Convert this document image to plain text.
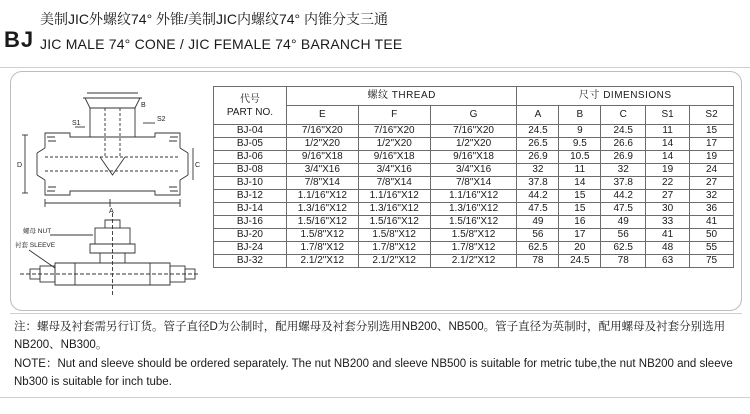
BJ
美制JIC外螺纹74° 外锥/美制JIC内螺纹74° 内锥分支三通
JIC MALE 74° CONE / JIC FEMALE 74° BARANCH TEE
D
A
C
S1
S2
B
螺母 NUT
衬套 SLEEVE
代号
PART NO.	螺纹 THREAD			尺寸 DIMENSIONS				
	E	F	G	A	B	C	S1	S2
BJ-04	7/16"X20	7/16"X20	7/16"X20	24.5	9	24.5	11	15
BJ-05	1/2"X20	1/2"X20	1/2"X20	26.5	9.5	26.6	14	17
BJ-06	9/16"X18	9/16"X18	9/16"X18	26.9	10.5	26.9	14	19
BJ-08	3/4"X16	3/4"X16	3/4"X16	32	11	32	19	24
BJ-10	7/8"X14	7/8"X14	7/8"X14	37.8	14	37.8	22	27
BJ-12	1.1/16"X12	1.1/16"X12	1.1/16"X12	44.2	15	44.2	27	32
BJ-14	1.3/16"X12	1.3/16"X12	1.3/16"X12	47.5	15	47.5	30	36
BJ-16	1.5/16"X12	1.5/16"X12	1.5/16"X12	49	16	49	33	41
BJ-20	1.5/8"X12	1.5/8"X12	1.5/8"X12	56	17	56	41	50
BJ-24	1.7/8"X12	1.7/8"X12	1.7/8"X12	62.5	20	62.5	48	55
BJ-32	2.1/2"X12	2.1/2"X12	2.1/2"X12	78	24.5	78	63	75
注：螺母及衬套需另行订货。管子直径D为公制时，配用螺母及衬套分别选用NB200、NB500。管子直径为英制时，配用螺母及衬套分别选用NB200、NB300。
NOTE：Nut and sleeve should be ordered separately. The nut NB200 and sleeve NB500 is suitable for metric tube,the nut NB200 and sleeve Nb300 is suitable for inch tube.
